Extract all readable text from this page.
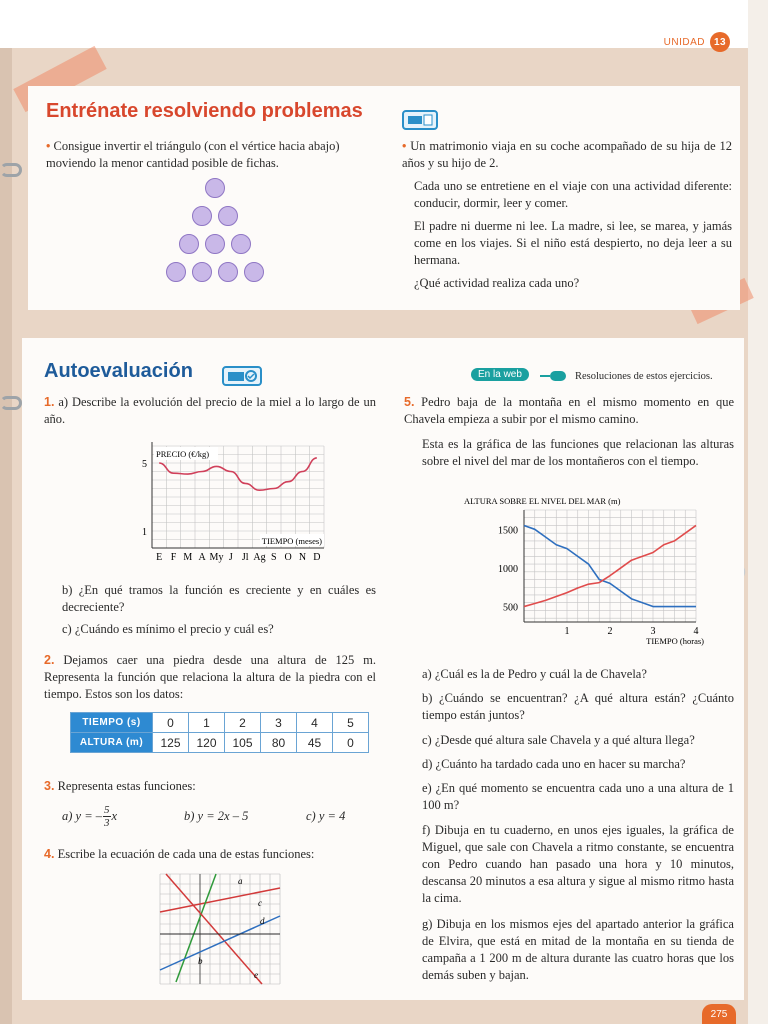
UNIDAD 13
Entrénate resolviendo problemas
• Consigue invertir el triángulo (con el vértice hacia abajo) moviendo la menor cantidad posible de fichas.

• Un matrimonio viaja en su coche acompañado de su hija de 12 años y su hijo de 2.

Cada uno se entretiene en el viaje con una actividad diferente: conducir, dormir, leer y comer.

El padre ni duerme ni lee. La madre, si lee, se marea, y jamás come en los viajes. Si el niño está despierto, no deja leer a su hermana.

¿Qué actividad realiza cada uno?

Autoevaluación	En la web	Resoluciones de estos ejercicios.
1. a) Describe la evolución del precio de la miel a lo largo de un año.
1
5
E F M A My J Jl Ag S O N D
PRECIO (€/kg)
TIEMPO (meses)
b) ¿En qué tramos la función es creciente y en cuáles es decreciente?
c) ¿Cuándo es mínimo el precio y cuál es?
2. Dejamos caer una piedra desde una altura de 125 m. Representa la función que relaciona la altura de la piedra con el tiempo. Estos son los datos:
TIEMPO (s)	0	1	2	3	4	5
ALTURA (m)	125	120	105	80	45	0
3. Representa estas funciones:
a) y = – $\frac{5}{3}$ x	b) y = 2x – 5	c) y = 4
4. Escribe la ecuación de cada una de estas funciones:
a
b
c
d
e
5. Pedro baja de la montaña en el mismo momento en que Chavela empieza a subir por el mismo camino.
Esta es la gráfica de las funciones que relacionan las alturas sobre el nivel del mar de los montañeros con el tiempo.
500
1000
1500
1	2	3	4
ALTURA SOBRE EL NIVEL DEL MAR (m)
TIEMPO (horas)
a) ¿Cuál es la de Pedro y cuál la de Chavela?
b) ¿Cuándo se encuentran? ¿A qué altura están? ¿Cuánto tiempo están juntos?
c) ¿Desde qué altura sale Chavela y a qué altura llega?
d) ¿Cuánto ha tardado cada uno en hacer su marcha?
e) ¿En qué momento se encuentra cada uno a una altura de 1 100 m?
f) Dibuja en tu cuaderno, en unos ejes iguales, la gráfica de Miguel, que sale con Chavela a ritmo constante, se encuentra con Pedro cuando han pasado una hora y 10 minutos, descansa 20 minutos a esa altura y sigue al mismo ritmo hasta la cima.
g) Dibuja en los mismos ejes del apartado anterior la gráfica de Elvira, que está en mitad de la montaña en su tienda de campaña a 1 200 m de altura durante las cuatro horas que los demás suben y bajan.
275
